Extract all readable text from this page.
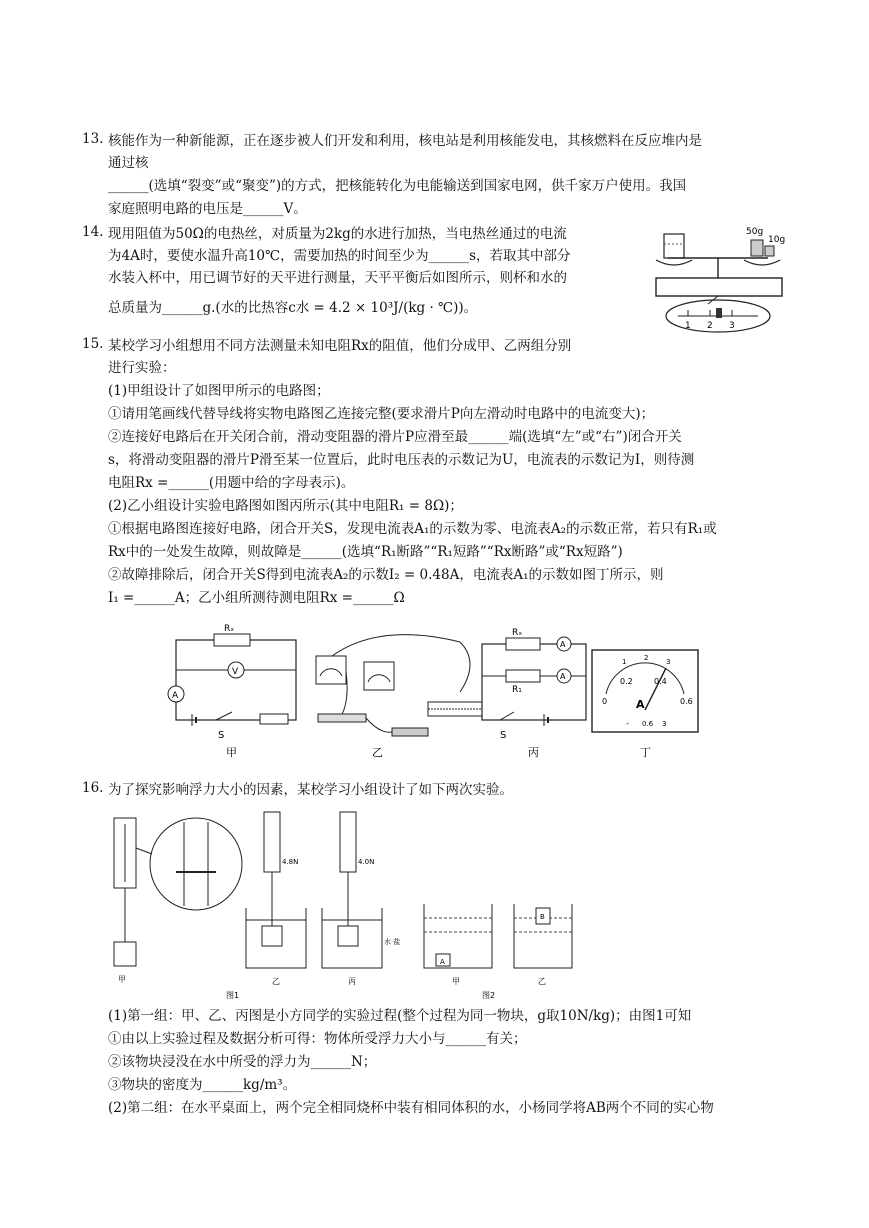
13. 核能作为一种新能源，正在逐步被人们开发和利用，核电站是利用核能发电，其核燃料在反应堆内是
通过核
______(选填“裂变”或“聚变”)的方式，把核能转化为电能输送到国家电网，供千家万户使用。我国
家庭照明电路的电压是______V。
14. 现用阻值为50Ω的电热丝，对质量为2kg的水进行加热，当电热丝通过的电流
为4A时，要使水温升高10℃，需要加热的时间至少为______s，若取其中部分
水装入杯中，用已调节好的天平进行测量，天平平衡后如图所示，则杯和水的
总质量为______g.(水的比热容c水 = 4.2 × 10³J/(kg · ℃))。
50g
10g
1 2 3
15. 某校学习小组想用不同方法测量未知电阻Rx的阻值，他们分成甲、乙两组分别
进行实验：
(1)甲组设计了如图甲所示的电路图；
①请用笔画线代替导线将实物电路图乙连接完整(要求滑片P向左滑动时电路中的电流变大)；
②连接好电路后在开关闭合前，滑动变阻器的滑片P应滑至最______端(选填“左”或“右”)闭合开关
s，将滑动变阻器的滑片P滑至某一位置后，此时电压表的示数记为U，电流表的示数记为I，则待测
电阻Rx =______(用题中给的字母表示)。
(2)乙小组设计实验电路图如图丙所示(其中电阻R₁ = 8Ω)；
①根据电路图连接好电路，闭合开关S，发现电流表A₁的示数为零、电流表A₂的示数正常，若只有R₁或
Rx中的一处发生故障，则故障是______(选填“R₁断路”“R₁短路”“Rx断路”或“Rx短路”)
②故障排除后，闭合开关S得到电流表A₂的示数I₂ = 0.48A，电流表A₁的示数如图丁所示，则
I₁ =______A；乙小组所测待测电阻Rx =______Ω
Rₓ
V
A
S
甲	乙
Rₓ
R₁
A
A
S
丙
0
0.2	0.4
0.6
1	2	3
A
- 0.6 3
丁
16. 为了探究影响浮力大小的因素，某校学习小组设计了如下两次实验。
甲
4.8N
乙
4.0N
水 盐
丙
图1
A
甲
B
乙
图2
(1)第一组：甲、乙、丙图是小方同学的实验过程(整个过程为同一物块，g取10N/kg)；由图1可知
①由以上实验过程及数据分析可得：物体所受浮力大小与______有关；
②该物块浸没在水中所受的浮力为______N；
③物块的密度为______kg/m³。
(2)第二组：在水平桌面上，两个完全相同烧杯中装有相同体积的水，小杨同学将AB两个不同的实心物
